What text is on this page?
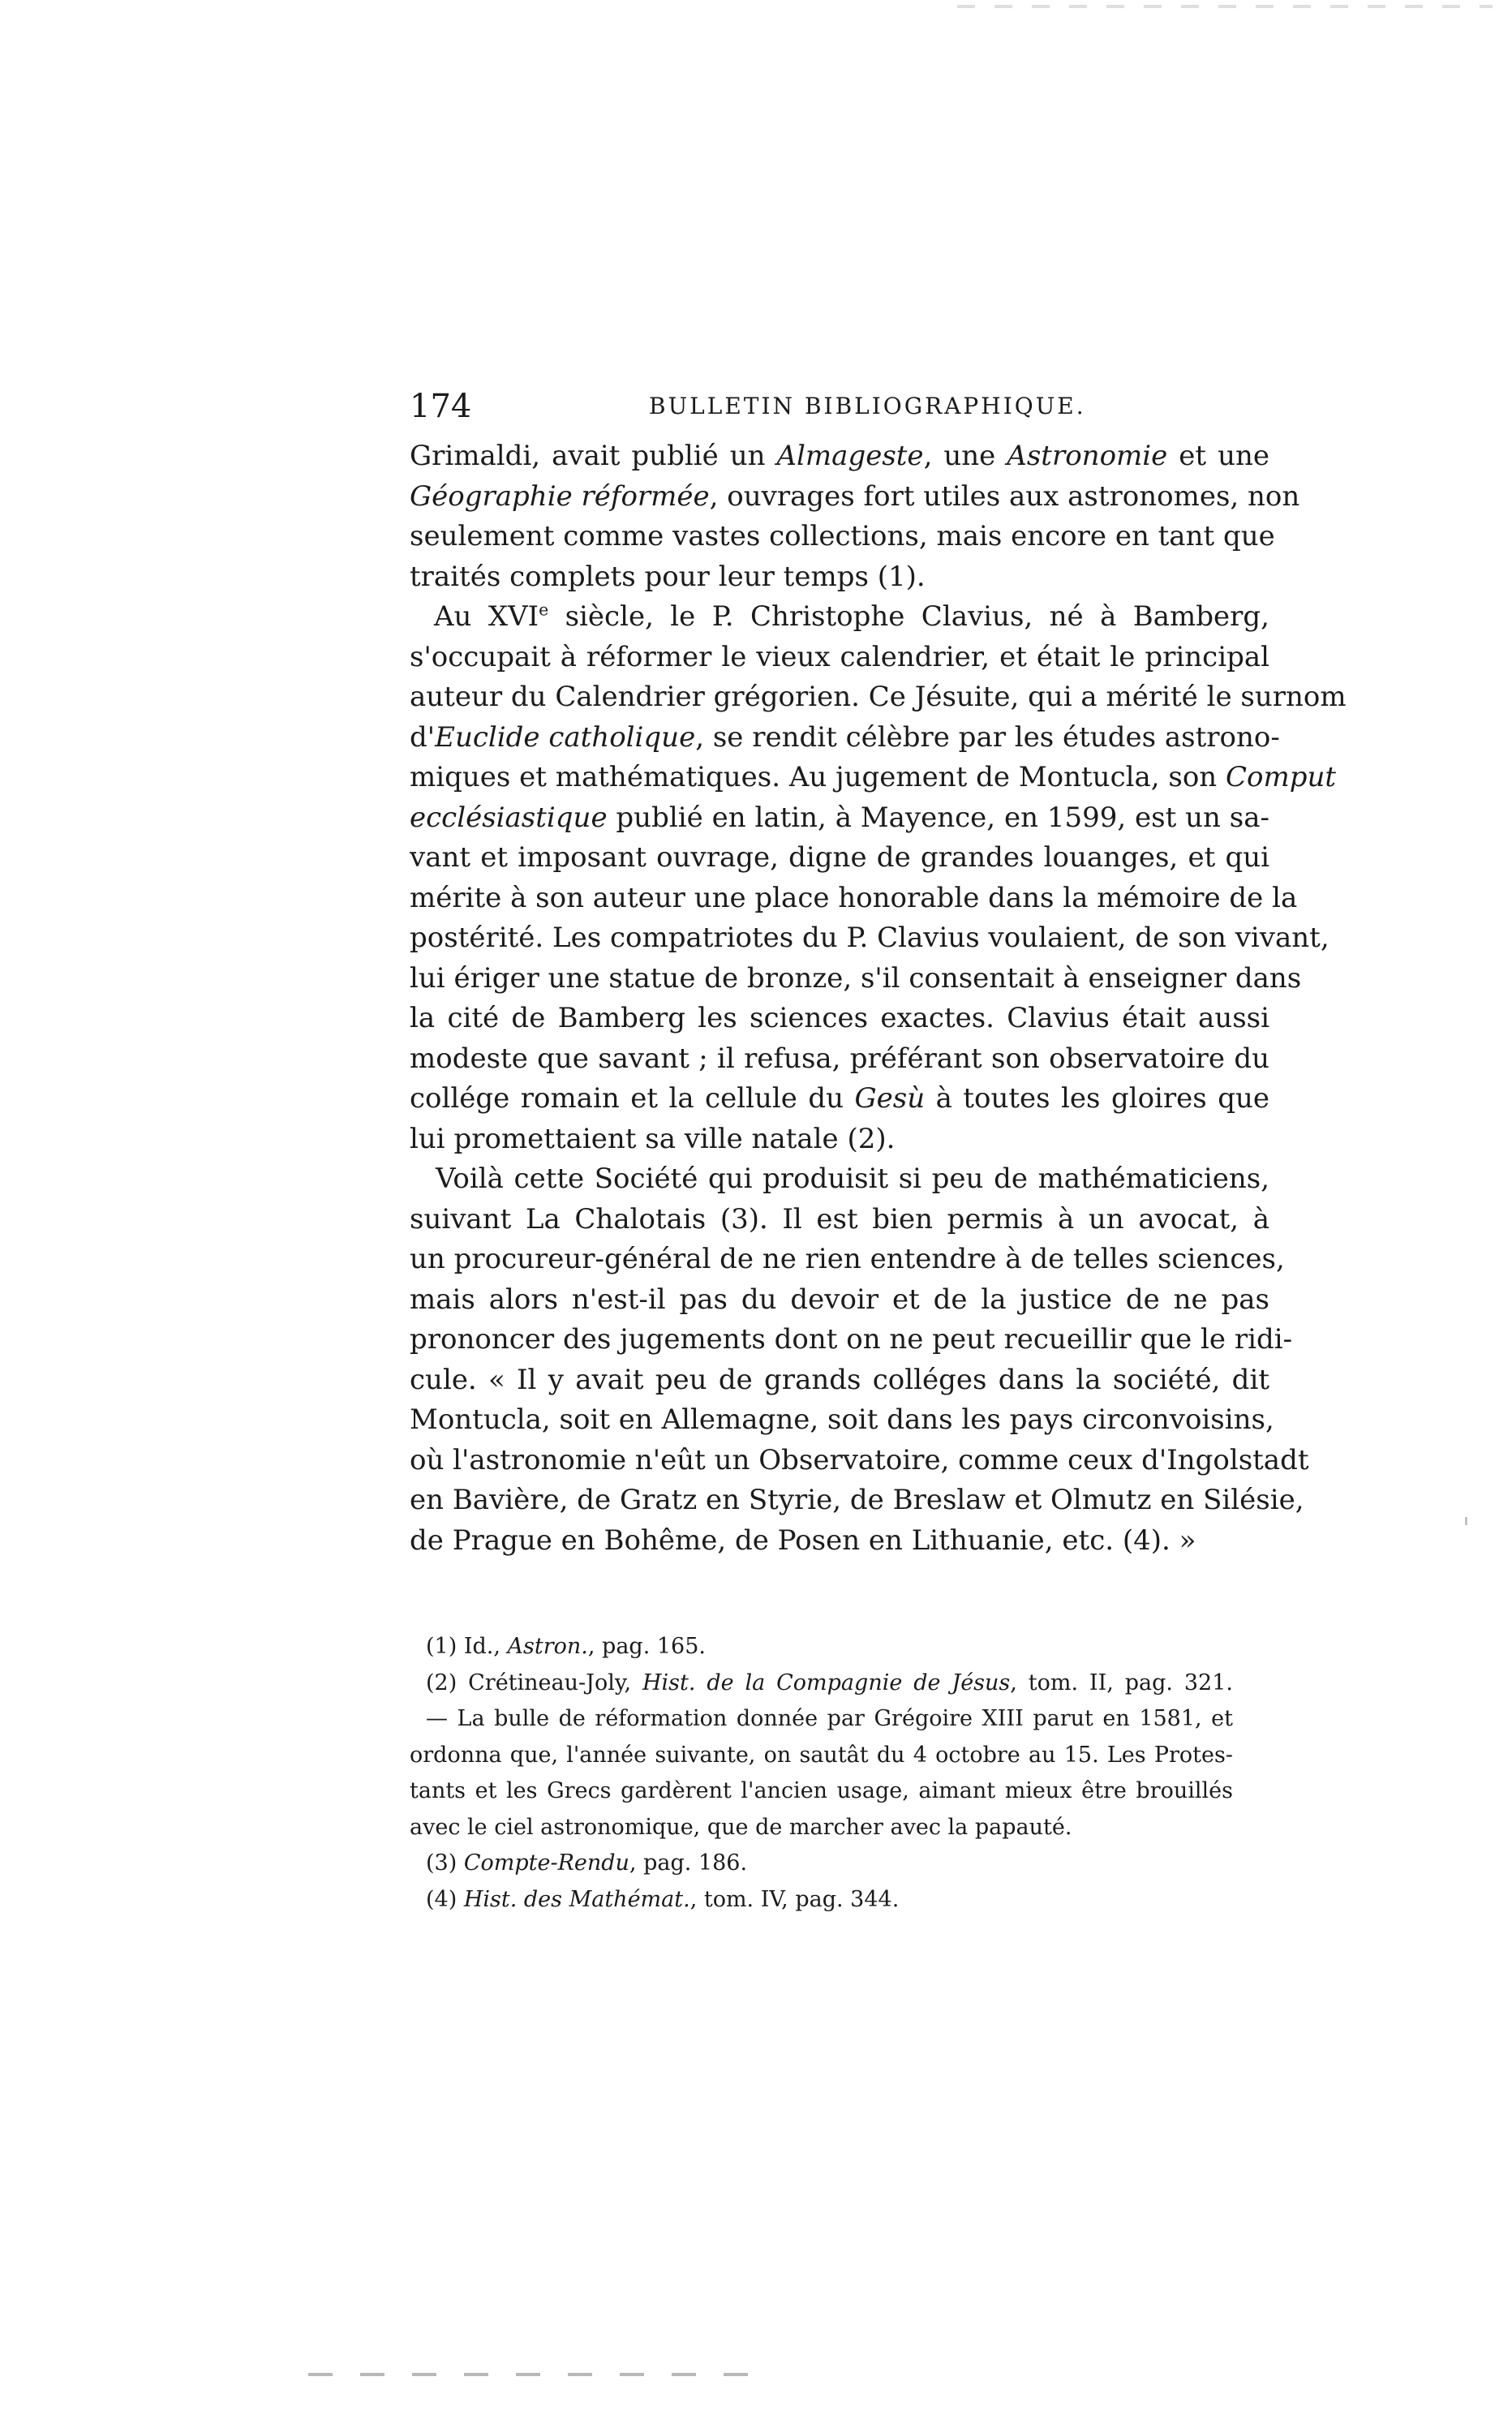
174	BULLETIN BIBLIOGRAPHIQUE.
Grimaldi, avait publié un Almageste, une Astronomie et une
Géographie réformée, ouvrages fort utiles aux astronomes, non
seulement comme vastes collections, mais encore en tant que
traités complets pour leur temps (1).
Au XVIe siècle, le P. Christophe Clavius, né à Bamberg,
s'occupait à réformer le vieux calendrier, et était le principal
auteur du Calendrier grégorien. Ce Jésuite, qui a mérité le surnom
d'Euclide catholique, se rendit célèbre par les études astrono-
miques et mathématiques. Au jugement de Montucla, son Comput
ecclésiastique publié en latin, à Mayence, en 1599, est un sa-
vant et imposant ouvrage, digne de grandes louanges, et qui
mérite à son auteur une place honorable dans la mémoire de la
postérité. Les compatriotes du P. Clavius voulaient, de son vivant,
lui ériger une statue de bronze, s'il consentait à enseigner dans
la cité de Bamberg les sciences exactes. Clavius était aussi
modeste que savant ; il refusa, préférant son observatoire du
collége romain et la cellule du Gesù à toutes les gloires que
lui promettaient sa ville natale (2).
Voilà cette Société qui produisit si peu de mathématiciens,
suivant La Chalotais (3). Il est bien permis à un avocat, à
un procureur-général de ne rien entendre à de telles sciences,
mais alors n'est-il pas du devoir et de la justice de ne pas
prononcer des jugements dont on ne peut recueillir que le ridi-
cule. « Il y avait peu de grands colléges dans la société, dit
Montucla, soit en Allemagne, soit dans les pays circonvoisins,
où l'astronomie n'eût un Observatoire, comme ceux d'Ingolstadt
en Bavière, de Gratz en Styrie, de Breslaw et Olmutz en Silésie,
de Prague en Bohême, de Posen en Lithuanie, etc. (4). »
(1) Id., Astron., pag. 165.
(2) Crétineau-Joly, Hist. de la Compagnie de Jésus, tom. II, pag. 321.
— La bulle de réformation donnée par Grégoire XIII parut en 1581, et
ordonna que, l'année suivante, on sautât du 4 octobre au 15. Les Protes-
tants et les Grecs gardèrent l'ancien usage, aimant mieux être brouillés
avec le ciel astronomique, que de marcher avec la papauté.
(3) Compte-Rendu, pag. 186.
(4) Hist. des Mathémat., tom. IV, pag. 344.
